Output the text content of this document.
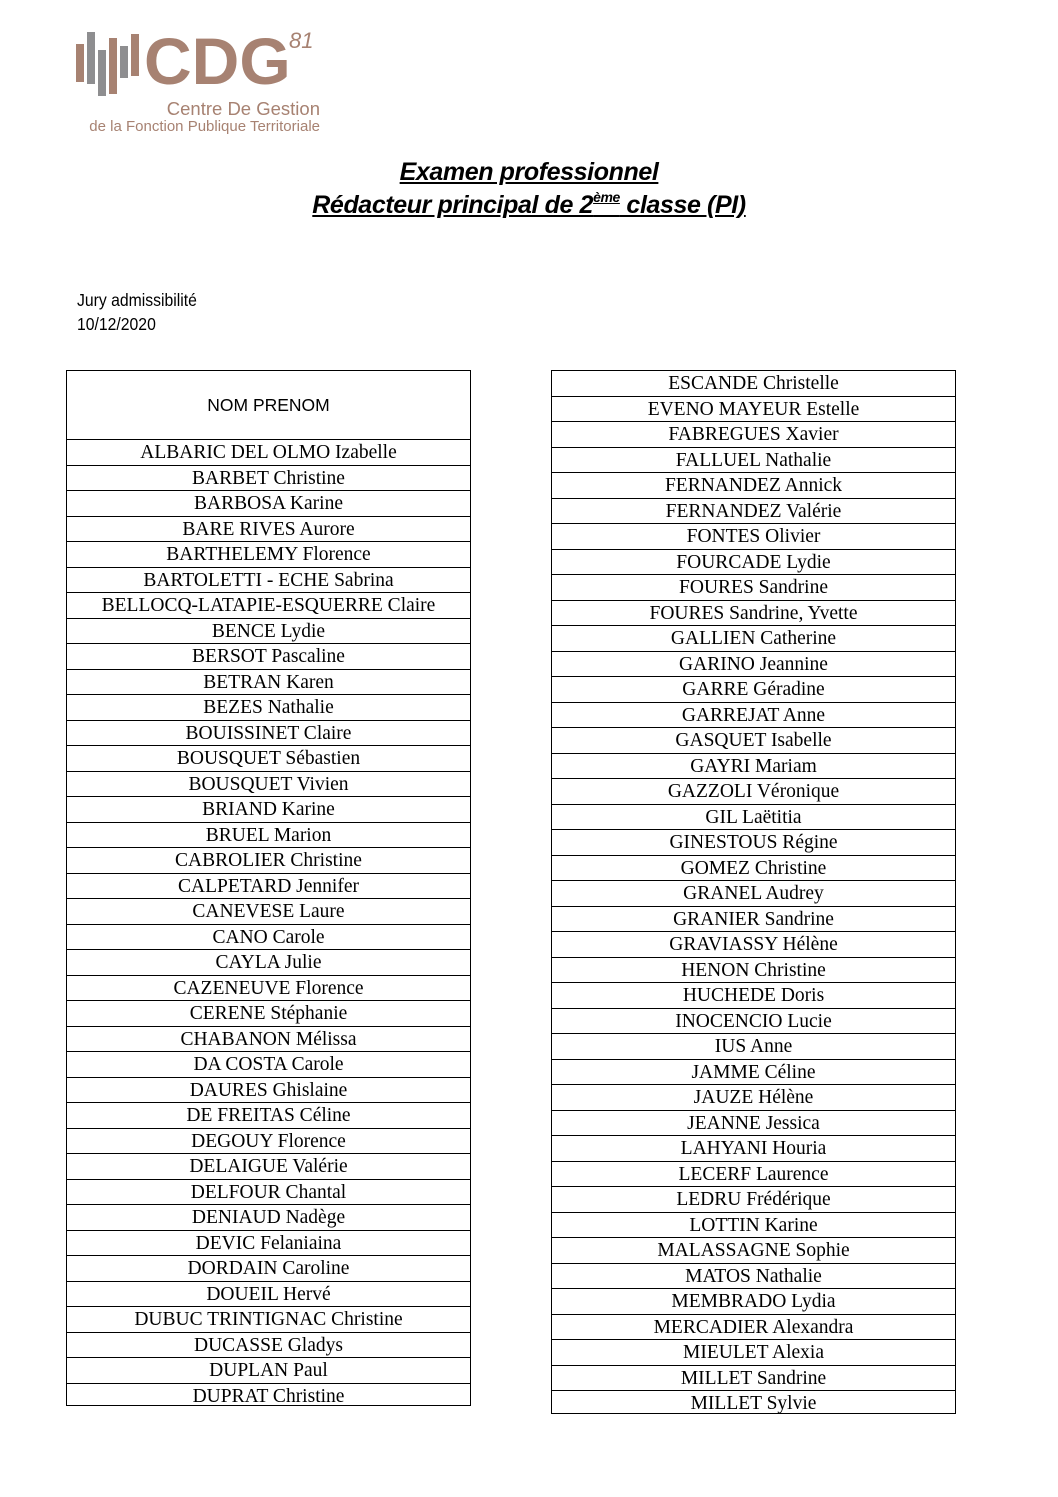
CDG
81
Centre De Gestion
de la Fonction Publique Territoriale
Examen professionnel
Rédacteur principal de 2ème classe (PI)
Jury admissibilité
10/12/2020
NOM PRENOM
ALBARIC DEL OLMO Izabelle
BARBET Christine
BARBOSA Karine
BARE RIVES Aurore
BARTHELEMY Florence
BARTOLETTI - ECHE Sabrina
BELLOCQ-LATAPIE-ESQUERRE Claire
BENCE Lydie
BERSOT Pascaline
BETRAN Karen
BEZES Nathalie
BOUISSINET Claire
BOUSQUET Sébastien
BOUSQUET Vivien
BRIAND Karine
BRUEL Marion
CABROLIER Christine
CALPETARD Jennifer
CANEVESE Laure
CANO Carole
CAYLA Julie
CAZENEUVE Florence
CERENE Stéphanie
CHABANON Mélissa
DA COSTA Carole
DAURES Ghislaine
DE FREITAS Céline
DEGOUY Florence
DELAIGUE Valérie
DELFOUR Chantal
DENIAUD Nadège
DEVIC Felaniaina
DORDAIN Caroline
DOUEIL Hervé
DUBUC TRINTIGNAC Christine
DUCASSE Gladys
DUPLAN Paul
DUPRAT Christine
ESCANDE Christelle
EVENO MAYEUR Estelle
FABREGUES Xavier
FALLUEL Nathalie
FERNANDEZ Annick
FERNANDEZ Valérie
FONTES Olivier
FOURCADE Lydie
FOURES Sandrine
FOURES Sandrine, Yvette
GALLIEN Catherine
GARINO Jeannine
GARRE Géradine
GARREJAT Anne
GASQUET Isabelle
GAYRI Mariam
GAZZOLI Véronique
GIL Laëtitia
GINESTOUS Régine
GOMEZ Christine
GRANEL Audrey
GRANIER Sandrine
GRAVIASSY Hélène
HENON Christine
HUCHEDE Doris
INOCENCIO Lucie
IUS Anne
JAMME Céline
JAUZE Hélène
JEANNE Jessica
LAHYANI Houria
LECERF Laurence
LEDRU Frédérique
LOTTIN Karine
MALASSAGNE Sophie
MATOS Nathalie
MEMBRADO Lydia
MERCADIER Alexandra
MIEULET Alexia
MILLET Sandrine
MILLET Sylvie
